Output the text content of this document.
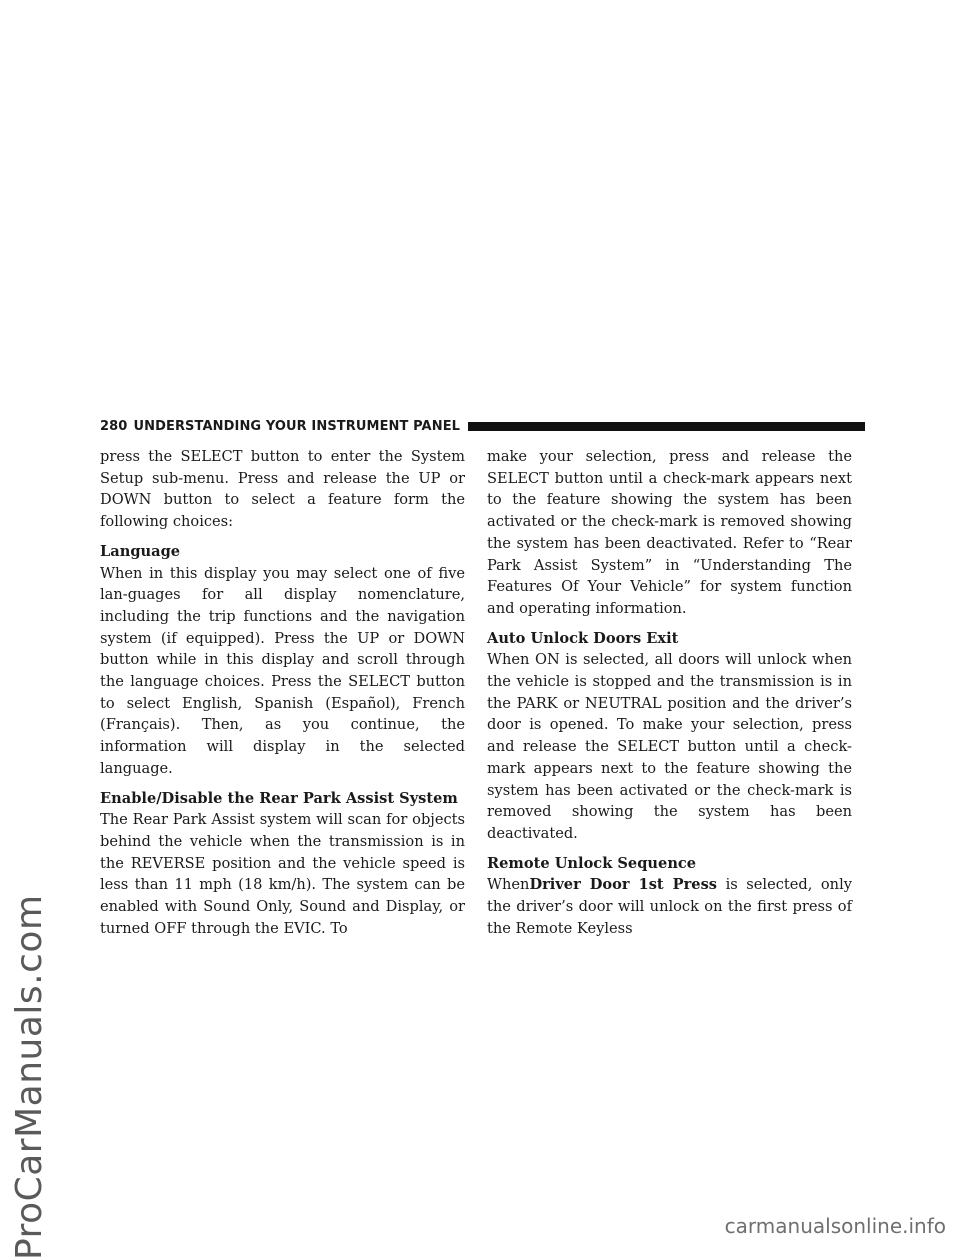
ProCarManuals.com
280 UNDERSTANDING YOUR INSTRUMENT PANEL

press the SELECT button to enter the System Setup sub-menu. Press and release the UP or DOWN button to select a feature form the following choices:

Language

When in this display you may select one of five lan-guages for all display nomenclature, including the trip functions and the navigation system (if equipped). Press the UP or DOWN button while in this display and scroll through the language choices. Press the SELECT button to select English, Spanish (Español), French (Français). Then, as you continue, the information will display in the selected language.

Enable/Disable the Rear Park Assist System

The Rear Park Assist system will scan for objects behind the vehicle when the transmission is in the REVERSE position and the vehicle speed is less than 11 mph (18 km/h). The system can be enabled with Sound Only, Sound and Display, or turned OFF through the EVIC. To

make your selection, press and release the SELECT button until a check-mark appears next to the feature showing the system has been activated or the check-mark is removed showing the system has been deactivated. Refer to “Rear Park Assist System” in “Understanding The Features Of Your Vehicle” for system function and operating information.

Auto Unlock Doors Exit

When ON is selected, all doors will unlock when the vehicle is stopped and the transmission is in the PARK or NEUTRAL position and the driver’s door is opened. To make your selection, press and release the SELECT button until a check-mark appears next to the feature showing the system has been activated or the check-mark is removed showing the system has been deactivated.

Remote Unlock Sequence

WhenDriver Door 1st Press is selected, only the driver’s door will unlock on the first press of the Remote Keyless

carmanualsonline.info
